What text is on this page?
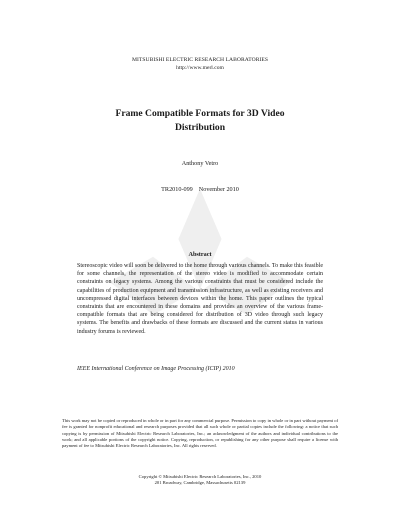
MITSUBISHI ELECTRIC RESEARCH LABORATORIES
http://www.merl.com
Frame Compatible Formats for 3D Video Distribution
Anthony Vetro
TR2010-099 November 2010
Abstract
Stereoscopic video will soon be delivered to the home through various channels. To make this feasible for some channels, the representation of the stereo video is modified to accommodate certain constraints on legacy systems. Among the various constraints that must be considered include the capabilities of production equipment and transmission infrastructure, as well as existing receivers and uncompressed digital interfaces between devices within the home. This paper outlines the typical constraints that are encountered in these domains and provides an overview of the various frame-compatible formats that are being considered for distribution of 3D video through such legacy systems. The benefits and drawbacks of these formats are discussed and the current status in various industry forums is reviewed.
IEEE International Conference on Image Processing (ICIP) 2010
This work may not be copied or reproduced in whole or in part for any commercial purpose. Permission to copy in whole or in part without payment of fee is granted for nonprofit educational and research purposes provided that all such whole or partial copies include the following: a notice that such copying is by permission of Mitsubishi Electric Research Laboratories, Inc.; an acknowledgment of the authors and individual contributions to the work; and all applicable portions of the copyright notice. Copying, reproduction, or republishing for any other purpose shall require a license with payment of fee to Mitsubishi Electric Research Laboratories, Inc. All rights reserved.
Copyright © Mitsubishi Electric Research Laboratories, Inc., 2010
201 Broadway, Cambridge, Massachusetts 02139
